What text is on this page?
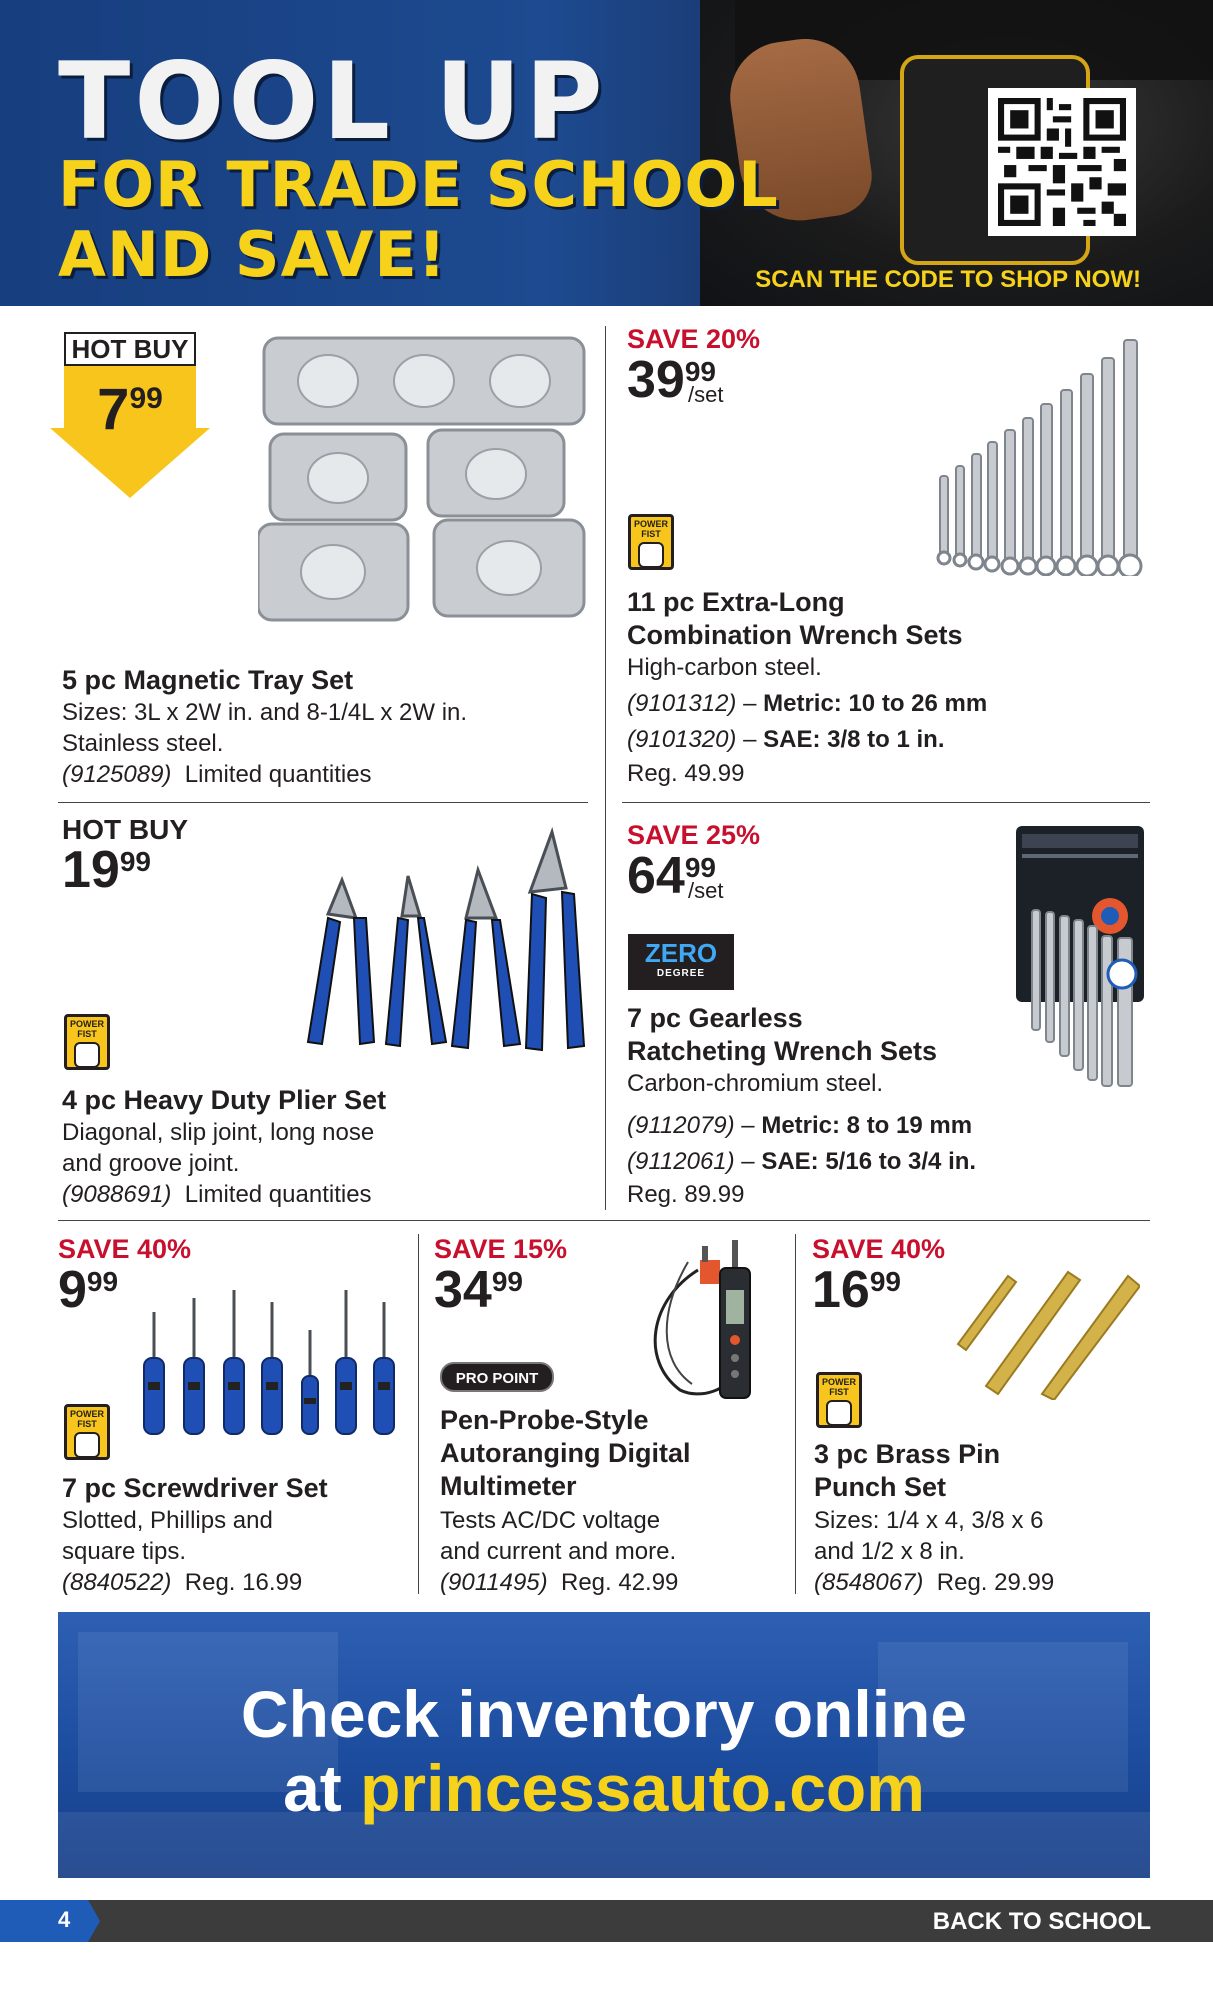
TOOL UP
FOR TRADE SCHOOL
AND SAVE!	SCAN THE CODE TO SHOP NOW!
HOT BUY
799
5 pc Magnetic Tray Set
Sizes: 3L x 2W in. and 8-1/4L x 2W in.
Stainless steel.
(9125089) Limited quantities
SAVE 20%
3999
/set
POWER
FIST
11 pc Extra-Long
Combination Wrench Sets
High-carbon steel.
(9101312) – Metric: 10 to 26 mm
(9101320) – SAE: 3/8 to 1 in.
Reg. 49.99
HOT BUY
1999
POWER
FIST
4 pc Heavy Duty Plier Set
Diagonal, slip joint, long nose
and groove joint.
(9088691) Limited quantities
SAVE 25%
6499
/set
ZERO
DEGREE
7 pc Gearless
Ratcheting Wrench Sets
Carbon-chromium steel.
(9112079) – Metric: 8 to 19 mm
(9112061) – SAE: 5/16 to 3/4 in.
Reg. 89.99
SAVE 40%
999
POWER
FIST
7 pc Screwdriver Set
Slotted, Phillips and
square tips.
(8840522) Reg. 16.99
SAVE 15%
3499
PRO POINT
Pen-Probe-Style
Autoranging Digital
Multimeter
Tests AC/DC voltage
and current and more.
(9011495) Reg. 42.99
SAVE 40%
1699
POWER
FIST
3 pc Brass Pin
Punch Set
Sizes: 1/4 x 4, 3/8 x 6
and 1/2 x 8 in.
(8548067) Reg. 29.99
Check inventory online
at princessauto.com
4	BACK TO SCHOOL
